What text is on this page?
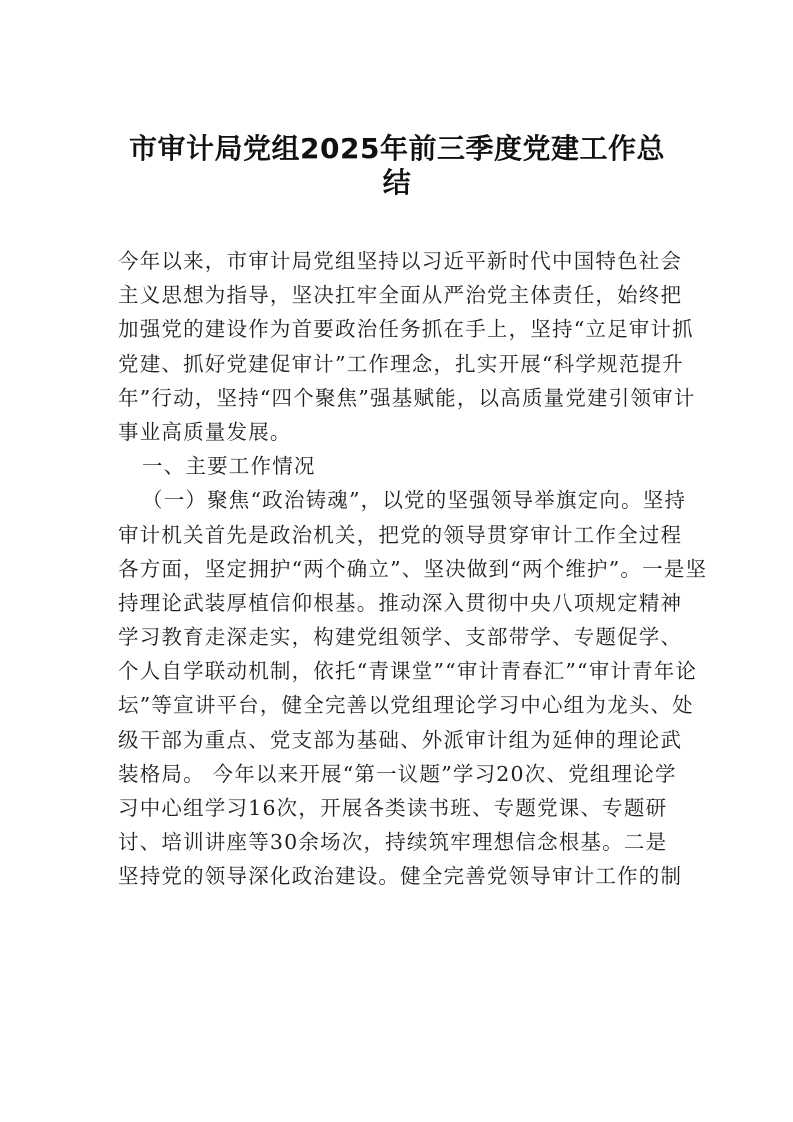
市审计局党组2025年前三季度党建工作总
结
今年以来，市审计局党组坚持以习近平新时代中国特色社会
主义思想为指导，坚决扛牢全面从严治党主体责任，始终把
加强党的建设作为首要政治任务抓在手上，坚持“立足审计抓
党建、抓好党建促审计”工作理念，扎实开展“科学规范提升
年”行动，坚持“四个聚焦”强基赋能，以高质量党建引领审计
事业高质量发展。
一、主要工作情况
（一）聚焦“政治铸魂”，以党的坚强领导举旗定向。坚持
审计机关首先是政治机关，把党的领导贯穿审计工作全过程
各方面，坚定拥护“两个确立”、坚决做到“两个维护”。一是坚
持理论武装厚植信仰根基。推动深入贯彻中央八项规定精神
学习教育走深走实，构建党组领学、支部带学、专题促学、
个人自学联动机制，依托“青课堂”“审计青春汇”“审计青年论
坛”等宣讲平台，健全完善以党组理论学习中心组为龙头、处
级干部为重点、党支部为基础、外派审计组为延伸的理论武
装格局。 今年以来开展“第一议题”学习20次、党组理论学
习中心组学习16次，开展各类读书班、专题党课、专题研
讨、培训讲座等30余场次，持续筑牢理想信念根基。二是
坚持党的领导深化政治建设。健全完善党领导审计工作的制
